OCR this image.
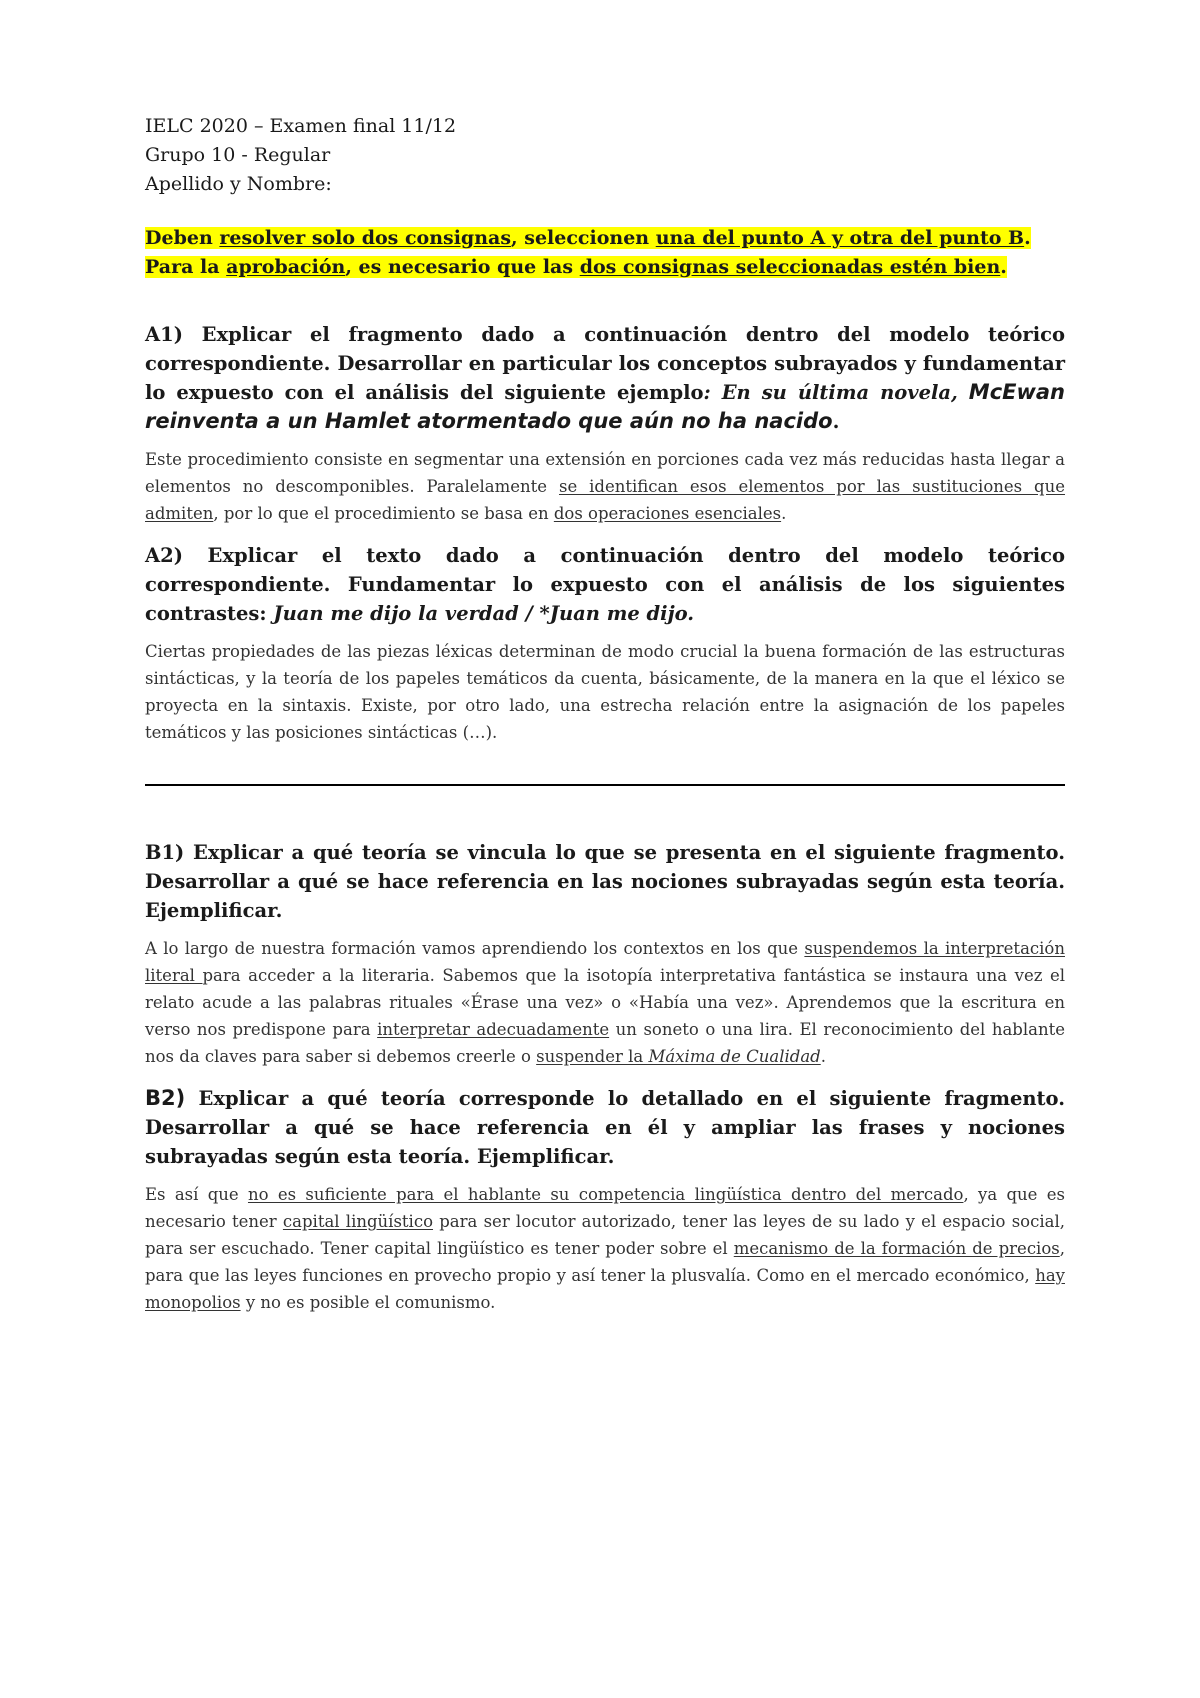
IELC 2020 – Examen final 11/12

Grupo 10 - Regular

Apellido y Nombre:

Deben resolver solo dos consignas, seleccionen una del punto A y otra del punto B.

Para la aprobación, es necesario que las dos consignas seleccionadas estén bien.

A1) Explicar el fragmento dado a continuación dentro del modelo teórico correspondiente. Desarrollar en particular los conceptos subrayados y fundamentar lo expuesto con el análisis del siguiente ejemplo: En su última novela, McEwan reinventa a un Hamlet atormentado que aún no ha nacido.

Este procedimiento consiste en segmentar una extensión en porciones cada vez más reducidas hasta llegar a elementos no descomponibles. Paralelamente se identifican esos elementos por las sustituciones que admiten, por lo que el procedimiento se basa en dos operaciones esenciales.

A2) Explicar el texto dado a continuación dentro del modelo teórico correspondiente. Fundamentar lo expuesto con el análisis de los siguientes contrastes: Juan me dijo la verdad / *Juan me dijo.

Ciertas propiedades de las piezas léxicas determinan de modo crucial la buena formación de las estructuras sintácticas, y la teoría de los papeles temáticos da cuenta, básicamente, de la manera en la que el léxico se proyecta en la sintaxis. Existe, por otro lado, una estrecha relación entre la asignación de los papeles temáticos y las posiciones sintácticas (…).

B1) Explicar a qué teoría se vincula lo que se presenta en el siguiente fragmento. Desarrollar a qué se hace referencia en las nociones subrayadas según esta teoría. Ejemplificar.

A lo largo de nuestra formación vamos aprendiendo los contextos en los que suspendemos la interpretación literal para acceder a la literaria. Sabemos que la isotopía interpretativa fantástica se instaura una vez el relato acude a las palabras rituales «Érase una vez» o «Había una vez». Aprendemos que la escritura en verso nos predispone para interpretar adecuadamente un soneto o una lira. El reconocimiento del hablante nos da claves para saber si debemos creerle o suspender la Máxima de Cualidad.

B2) Explicar a qué teoría corresponde lo detallado en el siguiente fragmento. Desarrollar a qué se hace referencia en él y ampliar las frases y nociones subrayadas según esta teoría. Ejemplificar.

Es así que no es suficiente para el hablante su competencia lingüística dentro del mercado, ya que es necesario tener capital lingüístico para ser locutor autorizado, tener las leyes de su lado y el espacio social, para ser escuchado. Tener capital lingüístico es tener poder sobre el mecanismo de la formación de precios, para que las leyes funciones en provecho propio y así tener la plusvalía. Como en el mercado económico, hay monopolios y no es posible el comunismo.
